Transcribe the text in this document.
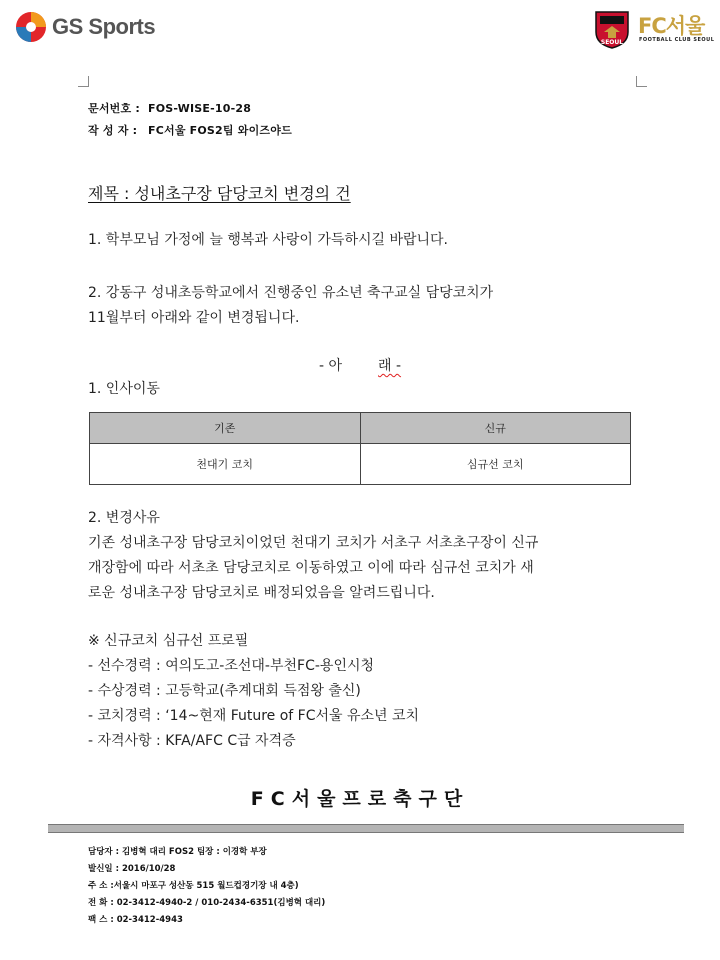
GS Sports
SEOUL
FC서울
FOOTBALL CLUB SEOUL
문서번호 : FOS-WISE-10-28
작 성 자 : FC서울 FOS2팀 와이즈야드
제목 : 성내초구장 담당코치 변경의 건
1. 학부모님 가정에 늘 행복과 사랑이 가득하시길 바랍니다.
2. 강동구 성내초등학교에서 진행중인 유소년 축구교실 담당코치가
11월부터 아래와 같이 변경됩니다.
- 아	래 -
1. 인사이동
기존	신규
천대기 코치	심규선 코치
2. 변경사유
기존 성내초구장 담당코치이었던 천대기 코치가 서초구 서초초구장이 신규
개장함에 따라 서초초 담당코치로 이동하였고 이에 따라 심규선 코치가 새
로운 성내초구장 담당코치로 배정되었음을 알려드립니다.
※ 신규코치 심규선 프로필
- 선수경력 : 여의도고-조선대-부천FC-용인시청
- 수상경력 : 고등학교(추계대회 득점왕 출신)
- 코치경력 : ‘14~현재 Future of FC서울 유소년 코치
- 자격사항 : KFA/AFC C급 자격증
FC서울프로축구단
담당자 : 김병혁 대리 FOS2 팀장 : 이경학 부장
발신일 : 2016/10/28
주 소 :서울시 마포구 성산동 515 월드컵경기장 내 4층)
전 화 : 02-3412-4940-2 / 010-2434-6351(김병혁 대리)
팩 스 : 02-3412-4943
